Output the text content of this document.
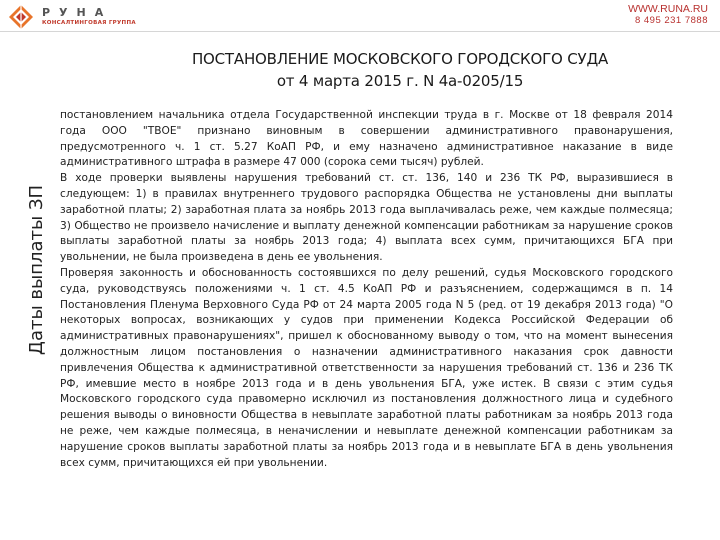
РУНА
КОНСАЛТИНГОВАЯ ГРУППА
WWW.RUNA.RU
8 495 231 7888
ПОСТАНОВЛЕНИЕ МОСКОВСКОГО ГОРОДСКОГО СУДА
от 4 марта 2015 г. N 4а-0205/15
Даты выплаты ЗП

постановлением начальника отдела Государственной инспекции труда в г. Москве от 18 февраля 2014 года ООО "ТВОЕ" признано виновным в совершении административного правонарушения, предусмотренного ч. 1 ст. 5.27 КоАП РФ, и ему назначено административное наказание в виде административного штрафа в размере 47 000 (сорока семи тысяч) рублей.

В ходе проверки выявлены нарушения требований ст. ст. 136, 140 и 236 ТК РФ, выразившиеся в следующем: 1) в правилах внутреннего трудового распорядка Общества не установлены дни выплаты заработной платы; 2) заработная плата за ноябрь 2013 года выплачивалась реже, чем каждые полмесяца; 3) Общество не произвело начисление и выплату денежной компенсации работникам за нарушение сроков выплаты заработной платы за ноябрь 2013 года; 4) выплата всех сумм, причитающихся БГА при увольнении, не была произведена в день ее увольнения.

Проверяя законность и обоснованность состоявшихся по делу решений, судья Московского городского суда, руководствуясь положениями ч. 1 ст. 4.5 КоАП РФ и разъяснением, содержащимся в п. 14 Постановления Пленума Верховного Суда РФ от 24 марта 2005 года N 5 (ред. от 19 декабря 2013 года) "О некоторых вопросах, возникающих у судов при применении Кодекса Российской Федерации об административных правонарушениях", пришел к обоснованному выводу о том, что на момент вынесения должностным лицом постановления о назначении административного наказания срок давности привлечения Общества к административной ответственности за нарушения требований ст. 136 и 236 ТК РФ, имевшие место в ноябре 2013 года и в день увольнения БГА, уже истек. В связи с этим судья Московского городского суда правомерно исключил из постановления должностного лица и судебного решения выводы о виновности Общества в невыплате заработной платы работникам за ноябрь 2013 года не реже, чем каждые полмесяца, в неначислении и невыплате денежной компенсации работникам за нарушение сроков выплаты заработной платы за ноябрь 2013 года и в невыплате БГА в день увольнения всех сумм, причитающихся ей при увольнении.
